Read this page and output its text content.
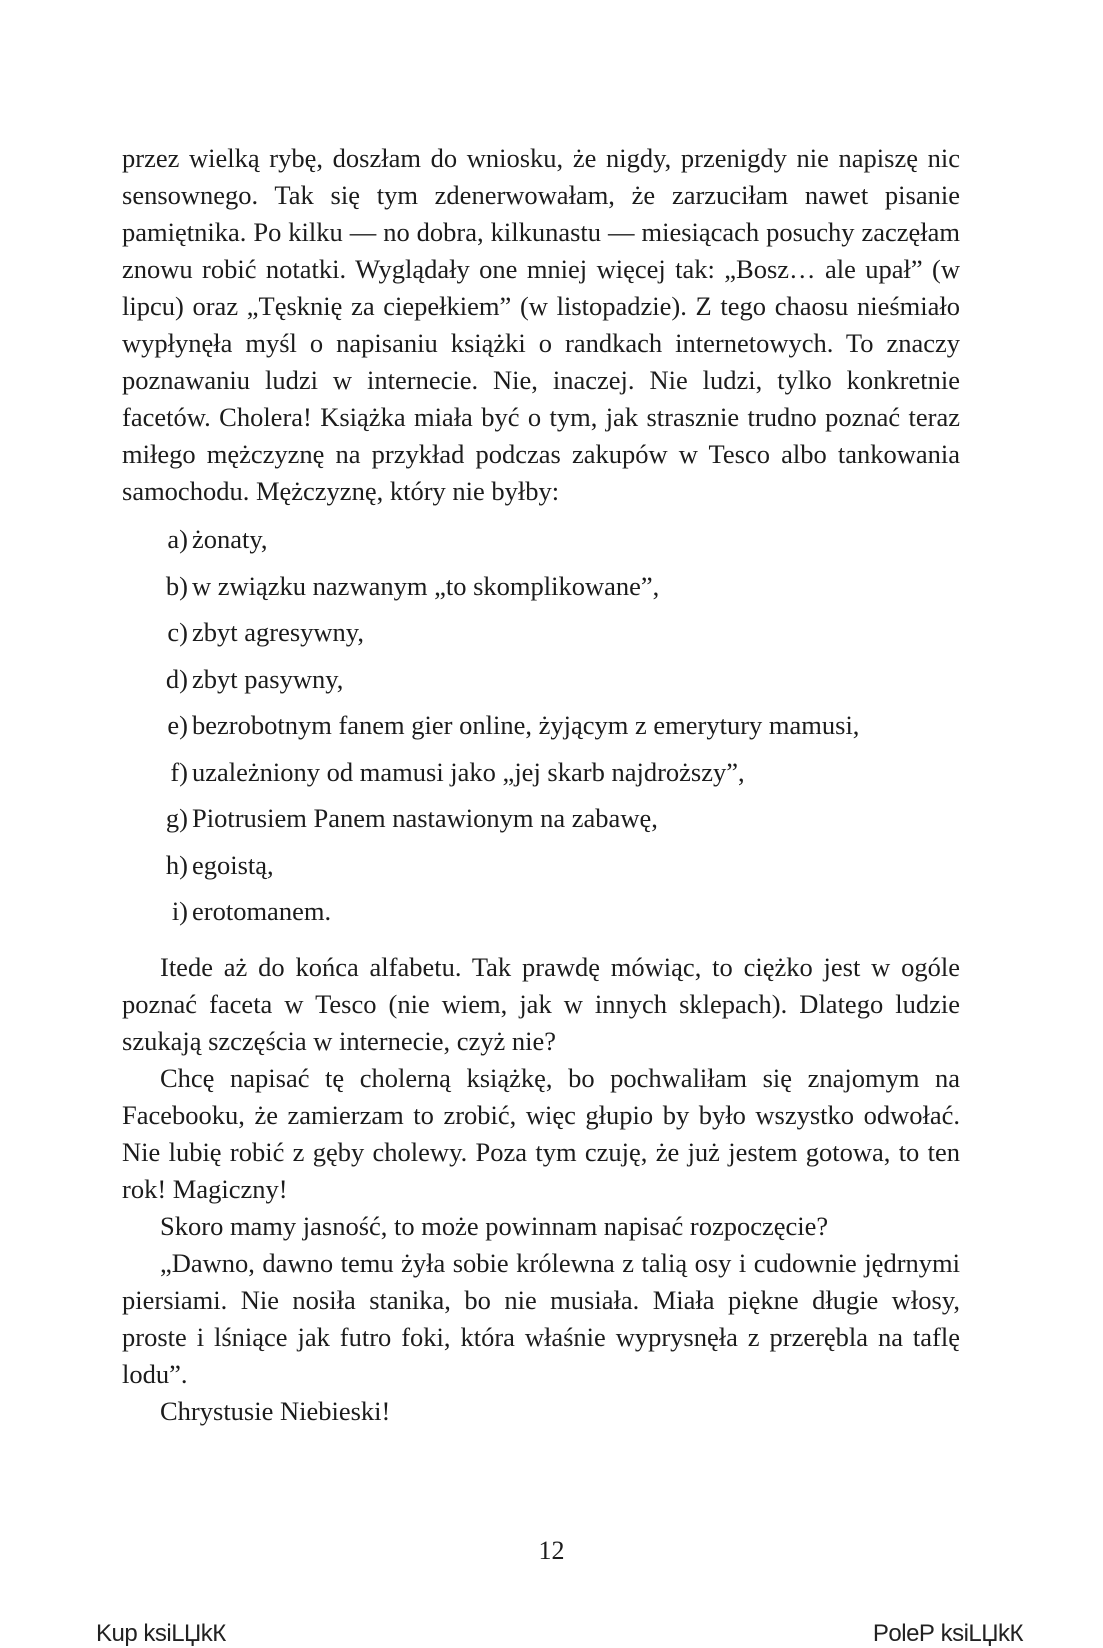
przez wielką rybę, doszłam do wniosku, że nigdy, przenigdy nie napiszę nic sensownego. Tak się tym zdenerwowałam, że zarzuciłam nawet pisanie pamiętnika. Po kilku — no dobra, kilkunastu — miesiącach posuchy zaczęłam znowu robić notatki. Wyglądały one mniej więcej tak: „Bosz… ale upał” (w lipcu) oraz „Tęsknię za ciepełkiem” (w listopadzie). Z tego chaosu nieśmiało wypłynęła myśl o napisaniu książki o randkach internetowych. To znaczy poznawaniu ludzi w internecie. Nie, inaczej. Nie ludzi, tylko konkretnie facetów. Cholera! Książka miała być o tym, jak strasznie trudno poznać teraz miłego mężczyznę na przykład podczas zakupów w Tesco albo tankowania samochodu. Mężczyznę, który nie byłby:

a) żonaty,
b) w związku nazwanym „to skomplikowane”,
c) zbyt agresywny,
d) zbyt pasywny,
e) bezrobotnym fanem gier online, żyjącym z emerytury mamusi,
f) uzależniony od mamusi jako „jej skarb najdroższy”,
g) Piotrusiem Panem nastawionym na zabawę,
h) egoistą,
i) erotomanem.

Itede aż do końca alfabetu. Tak prawdę mówiąc, to ciężko jest w ogóle poznać faceta w Tesco (nie wiem, jak w innych sklepach). Dlatego ludzie szukają szczęścia w internecie, czyż nie?

Chcę napisać tę cholerną książkę, bo pochwaliłam się znajomym na Facebooku, że zamierzam to zrobić, więc głupio by było wszystko odwołać. Nie lubię robić z gęby cholewy. Poza tym czuję, że już jestem gotowa, to ten rok! Magiczny!

Skoro mamy jasność, to może powinnam napisać rozpoczęcie?

„Dawno, dawno temu żyła sobie królewna z talią osy i cudownie jędrnymi piersiami. Nie nosiła stanika, bo nie musiała. Miała piękne długie włosy, proste i lśniące jak futro foki, która właśnie wyprysnęła z przerębla na taflę lodu”.

Chrystusie Niebieski!

12
Kup ksiLЏkК	PoleР ksiLЏkК
